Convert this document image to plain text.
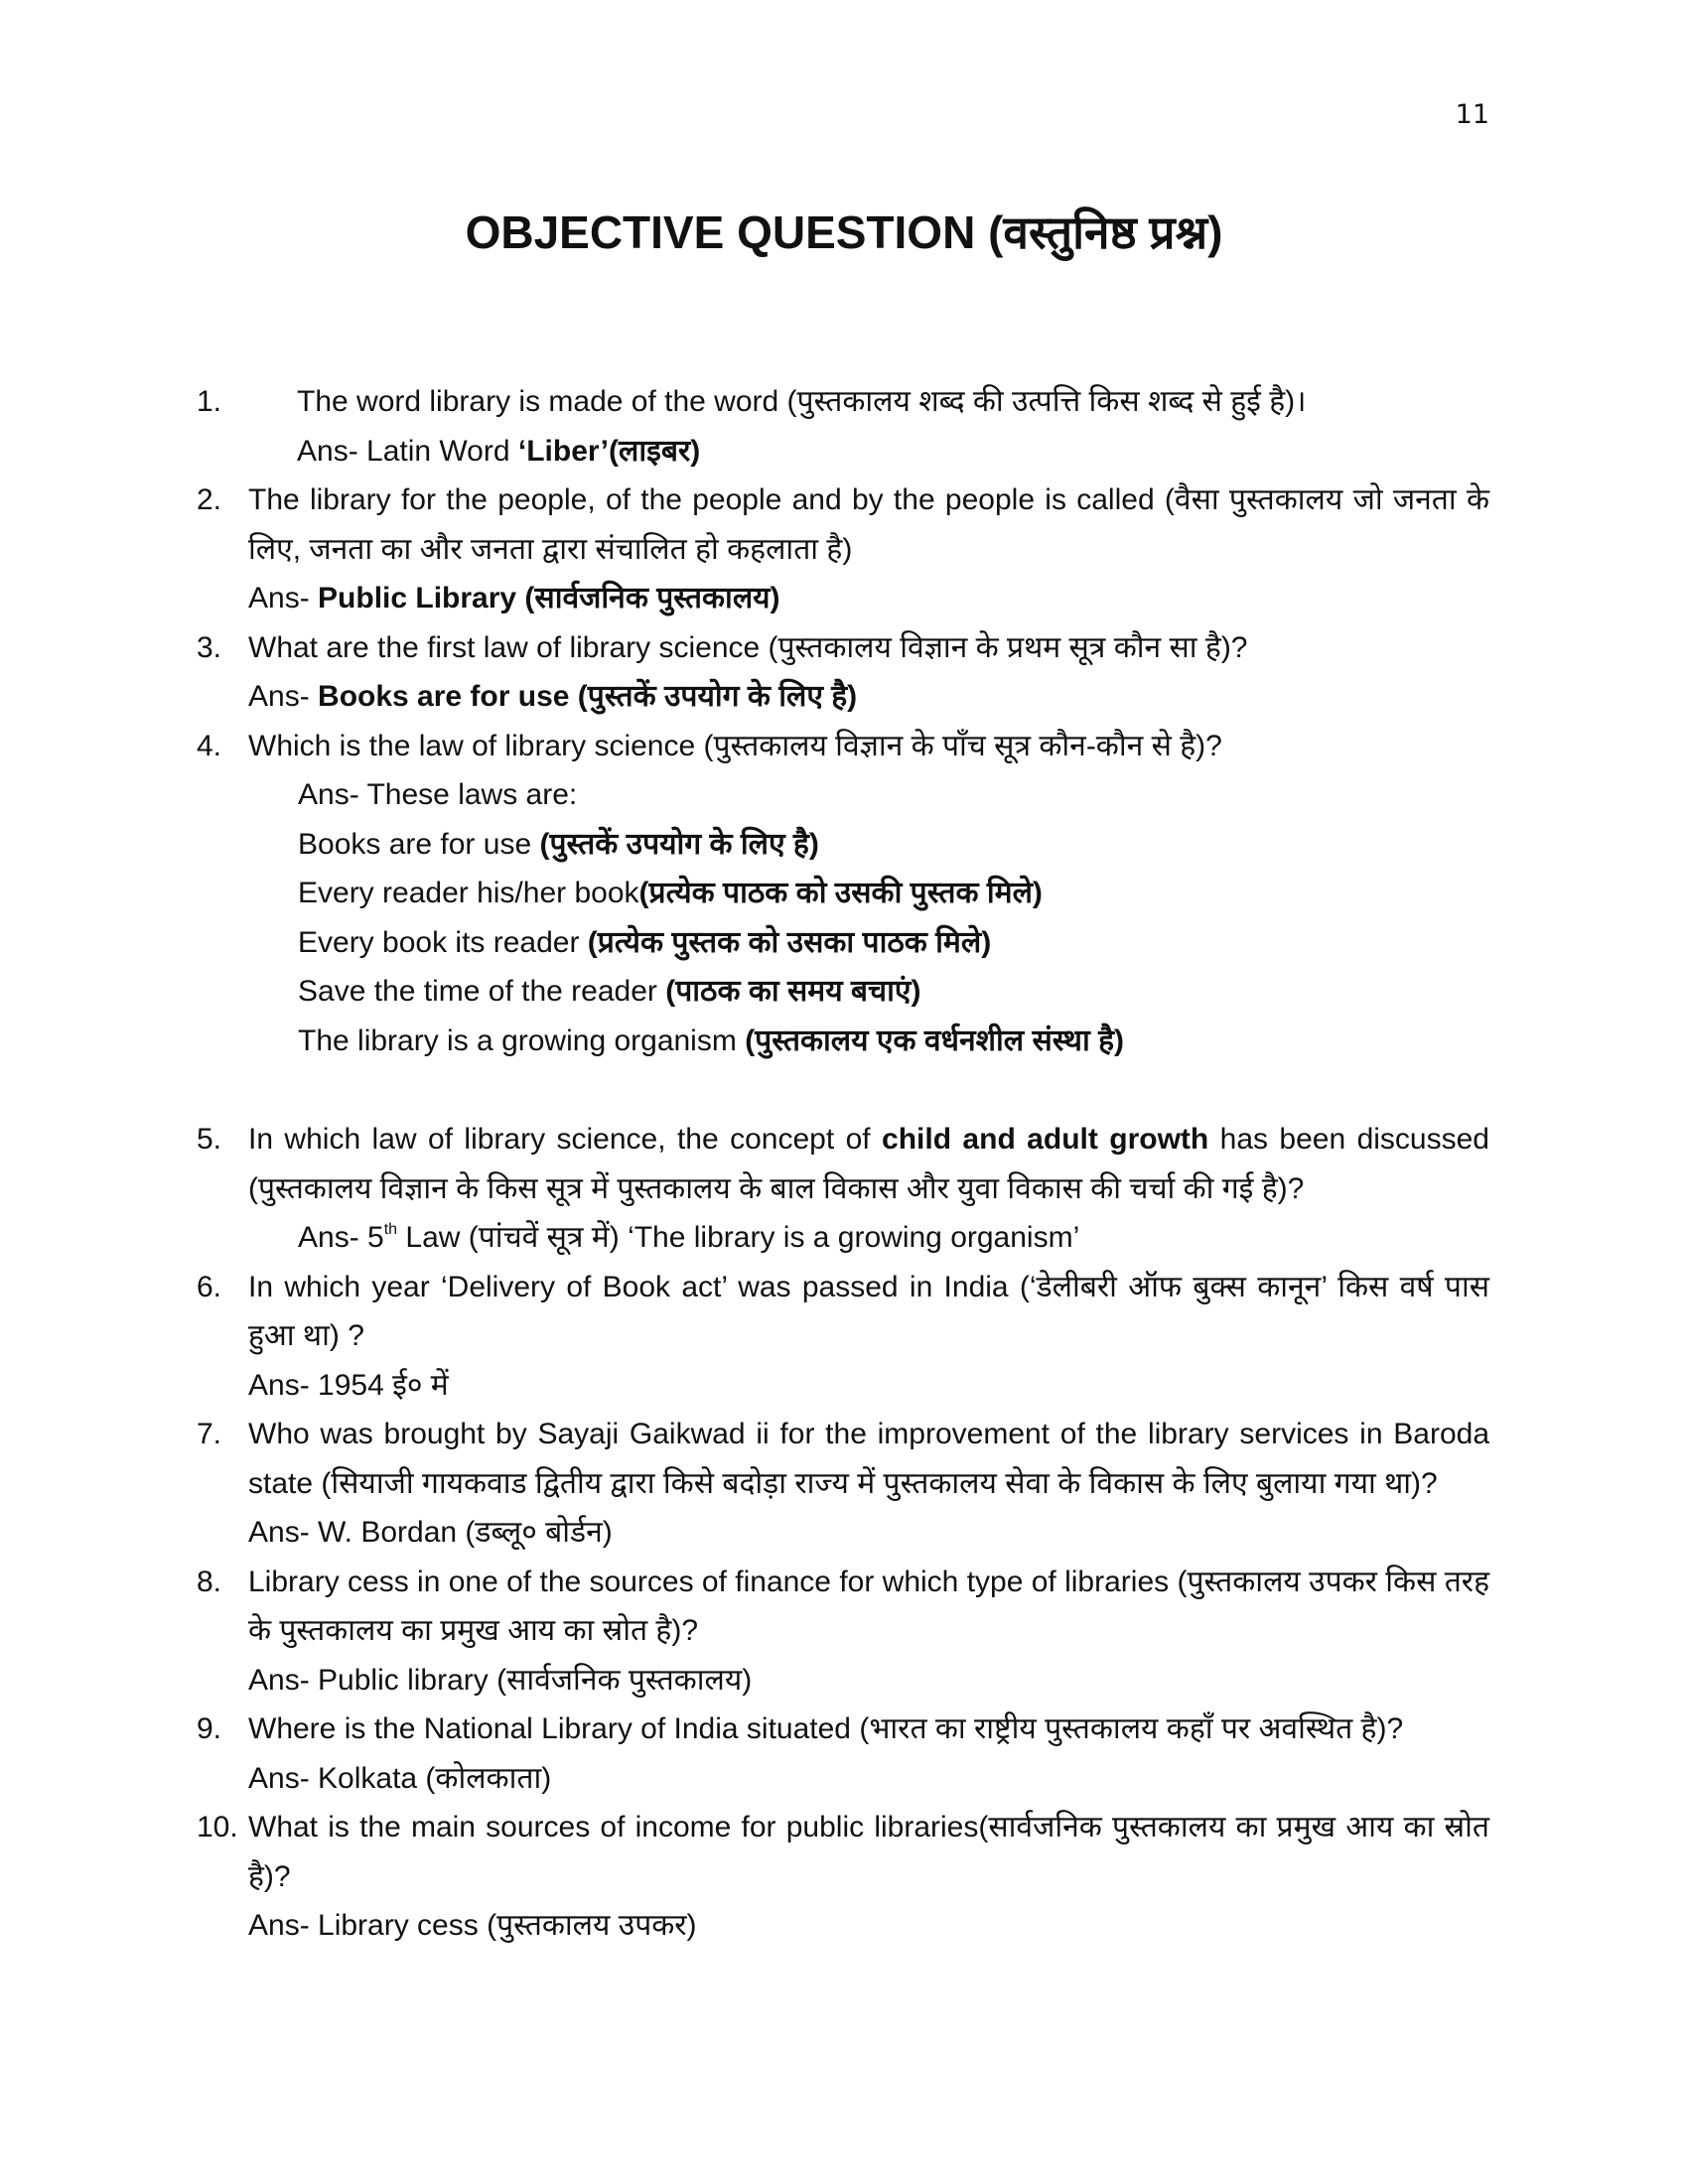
11
OBJECTIVE QUESTION (वस्तुनिष्ठ प्रश्न)
1.	The word library is made of the word (पुस्तकालय शब्द की उत्पत्ति किस शब्द से हुई है)।
Ans- Latin Word ‘Liber’(लाइबर)
2. The library for the people, of the people and by the people is called (वैसा पुस्तकालय जो जनता के लिए, जनता का और जनता द्वारा संचालित हो कहलाता है)
Ans- Public Library (सार्वजनिक पुस्तकालय)
3. What are the first law of library science (पुस्तकालय विज्ञान के प्रथम सूत्र कौन सा है)?
Ans- Books are for use (पुस्तकें उपयोग के लिए है)
4. Which is the law of library science (पुस्तकालय विज्ञान के पाँच सूत्र कौन-कौन से है)?
Ans- These laws are:
Books are for use (पुस्तकें उपयोग के लिए है)
Every reader his/her book(प्रत्येक पाठक को उसकी पुस्तक मिले)
Every book its reader (प्रत्येक पुस्तक को उसका पाठक मिले)
Save the time of the reader (पाठक का समय बचाएं)
The library is a growing organism (पुस्तकालय एक वर्धनशील संस्था है)
5. In which law of library science, the concept of child and adult growth has been discussed (पुस्तकालय विज्ञान के किस सूत्र में पुस्तकालय के बाल विकास और युवा विकास की चर्चा की गई है)?
Ans- 5th Law (पांचवें सूत्र में) ‘The library is a growing organism’
6. In which year ‘Delivery of Book act’ was passed in India (‘डेलीबरी ऑफ बुक्स कानून’ किस वर्ष पास हुआ था) ?
Ans- 1954 ई० में
7. Who was brought by Sayaji Gaikwad ii for the improvement of the library services in Baroda state (सियाजी गायकवाड द्वितीय द्वारा किसे बदोड़ा राज्य में पुस्तकालय सेवा के विकास के लिए बुलाया गया था)?
Ans- W. Bordan (डब्लू० बोर्डन)
8. Library cess in one of the sources of finance for which type of libraries (पुस्तकालय उपकर किस तरह के पुस्तकालय का प्रमुख आय का स्रोत है)?
Ans- Public library (सार्वजनिक पुस्तकालय)
9. Where is the National Library of India situated (भारत का राष्ट्रीय पुस्तकालय कहाँ पर अवस्थित है)?
Ans- Kolkata (कोलकाता)
10. What is the main sources of income for public libraries(सार्वजनिक पुस्तकालय का प्रमुख आय का स्रोत है)?
Ans- Library cess (पुस्तकालय उपकर)
